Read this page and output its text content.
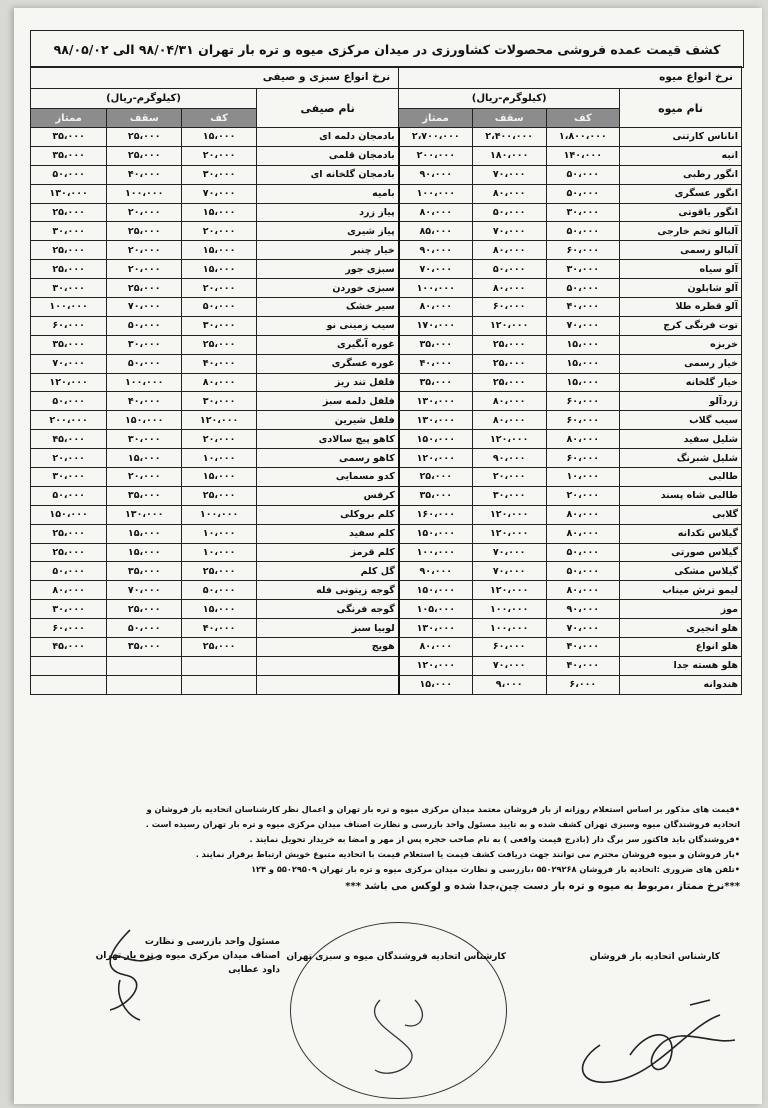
کشف قیمت عمده فروشی محصولات کشاورزی در میدان مرکزی میوه و تره بار تهران ۹۸/۰۴/۳۱ الی ۹۸/۰۵/۰۲
نرخ انواع میوه				نرخ انواع سبزی و صیفی			
نام میوه	(کیلوگرم-ریال)			نام صیفی	(کیلوگرم-ریال)		
	کف	سقف	ممتاز		کف	سقف	ممتاز
اناناس کارتنی	۱،۸۰۰،۰۰۰	۲،۴۰۰،۰۰۰	۲،۷۰۰،۰۰۰	بادمجان دلمه ای	۱۵،۰۰۰	۲۵،۰۰۰	۳۵،۰۰۰
انبه	۱۴۰،۰۰۰	۱۸۰،۰۰۰	۲۰۰،۰۰۰	بادمجان قلمی	۲۰،۰۰۰	۲۵،۰۰۰	۳۵،۰۰۰
انگور رطبی	۵۰،۰۰۰	۷۰،۰۰۰	۹۰،۰۰۰	بادمجان گلخانه ای	۳۰،۰۰۰	۴۰،۰۰۰	۵۰،۰۰۰
انگور عسگری	۵۰،۰۰۰	۸۰،۰۰۰	۱۰۰،۰۰۰	بامیه	۷۰،۰۰۰	۱۰۰،۰۰۰	۱۳۰،۰۰۰
انگور یاقوتی	۳۰،۰۰۰	۵۰،۰۰۰	۸۰،۰۰۰	پیاز زرد	۱۵،۰۰۰	۲۰،۰۰۰	۲۵،۰۰۰
آلبالو تخم خارجی	۵۰،۰۰۰	۷۰،۰۰۰	۸۵،۰۰۰	پیاز شیری	۲۰،۰۰۰	۲۵،۰۰۰	۳۰،۰۰۰
آلبالو رسمی	۶۰،۰۰۰	۸۰،۰۰۰	۹۰،۰۰۰	خیار چنبر	۱۵،۰۰۰	۲۰،۰۰۰	۲۵،۰۰۰
آلو سیاه	۳۰،۰۰۰	۵۰،۰۰۰	۷۰،۰۰۰	سبزی جور	۱۵،۰۰۰	۲۰،۰۰۰	۲۵،۰۰۰
آلو شابلون	۵۰،۰۰۰	۸۰،۰۰۰	۱۰۰،۰۰۰	سبزی خوردن	۲۰،۰۰۰	۲۵،۰۰۰	۳۰،۰۰۰
آلو قطره طلا	۴۰،۰۰۰	۶۰،۰۰۰	۸۰،۰۰۰	سیر خشک	۵۰،۰۰۰	۷۰،۰۰۰	۱۰۰،۰۰۰
توت فرنگی کرج	۷۰،۰۰۰	۱۲۰،۰۰۰	۱۷۰،۰۰۰	سیب زمینی نو	۳۰،۰۰۰	۵۰،۰۰۰	۶۰،۰۰۰
خربزه	۱۵،۰۰۰	۲۵،۰۰۰	۳۵،۰۰۰	غوره آبگیری	۲۵،۰۰۰	۳۰،۰۰۰	۳۵،۰۰۰
خیار رسمی	۱۵،۰۰۰	۲۵،۰۰۰	۴۰،۰۰۰	غوره عسگری	۴۰،۰۰۰	۵۰،۰۰۰	۷۰،۰۰۰
خیار گلخانه	۱۵،۰۰۰	۲۵،۰۰۰	۳۵،۰۰۰	فلفل تند ریز	۸۰،۰۰۰	۱۰۰،۰۰۰	۱۲۰،۰۰۰
زردآلو	۶۰،۰۰۰	۸۰،۰۰۰	۱۳۰،۰۰۰	فلفل دلمه سبز	۳۰،۰۰۰	۴۰،۰۰۰	۵۰،۰۰۰
سیب گلاب	۶۰،۰۰۰	۸۰،۰۰۰	۱۳۰،۰۰۰	فلفل شیرین	۱۲۰،۰۰۰	۱۵۰،۰۰۰	۲۰۰،۰۰۰
شلیل سفید	۸۰،۰۰۰	۱۲۰،۰۰۰	۱۵۰،۰۰۰	کاهو پیچ سالادی	۲۰،۰۰۰	۳۰،۰۰۰	۴۵،۰۰۰
شلیل شبرنگ	۶۰،۰۰۰	۹۰،۰۰۰	۱۲۰،۰۰۰	کاهو رسمی	۱۰،۰۰۰	۱۵،۰۰۰	۲۰،۰۰۰
طالبی	۱۰،۰۰۰	۲۰،۰۰۰	۲۵،۰۰۰	کدو مسمایی	۱۵،۰۰۰	۲۰،۰۰۰	۳۰،۰۰۰
طالبی شاه پسند	۲۰،۰۰۰	۳۰،۰۰۰	۳۵،۰۰۰	کرفس	۲۵،۰۰۰	۳۵،۰۰۰	۵۰،۰۰۰
گلابی	۸۰،۰۰۰	۱۲۰،۰۰۰	۱۶۰،۰۰۰	کلم بروکلی	۱۰۰،۰۰۰	۱۳۰،۰۰۰	۱۵۰،۰۰۰
گیلاس تکدانه	۸۰،۰۰۰	۱۲۰،۰۰۰	۱۵۰،۰۰۰	کلم سفید	۱۰،۰۰۰	۱۵،۰۰۰	۲۵،۰۰۰
گیلاس صورتی	۵۰،۰۰۰	۷۰،۰۰۰	۱۰۰،۰۰۰	کلم قرمز	۱۰،۰۰۰	۱۵،۰۰۰	۲۵،۰۰۰
گیلاس مشکی	۵۰،۰۰۰	۷۰،۰۰۰	۹۰،۰۰۰	گل کلم	۲۵،۰۰۰	۳۵،۰۰۰	۵۰،۰۰۰
لیمو ترش میناب	۸۰،۰۰۰	۱۲۰،۰۰۰	۱۵۰،۰۰۰	گوجه زیتونی فله	۵۰،۰۰۰	۷۰،۰۰۰	۸۰،۰۰۰
موز	۹۰،۰۰۰	۱۰۰،۰۰۰	۱۰۵،۰۰۰	گوجه فرنگی	۱۵،۰۰۰	۲۵،۰۰۰	۳۰،۰۰۰
هلو انجیری	۷۰،۰۰۰	۱۰۰،۰۰۰	۱۳۰،۰۰۰	لوبیا سبز	۴۰،۰۰۰	۵۰،۰۰۰	۶۰،۰۰۰
هلو انواع	۴۰،۰۰۰	۶۰،۰۰۰	۸۰،۰۰۰	هویج	۲۵،۰۰۰	۳۵،۰۰۰	۴۵،۰۰۰
هلو هسته جدا	۴۰،۰۰۰	۷۰،۰۰۰	۱۲۰،۰۰۰				
هندوانه	۶،۰۰۰	۹،۰۰۰	۱۵،۰۰۰				

•قیمت های مذکور بر اساس استعلام روزانه از بار فروشان معتمد میدان مرکزی میوه و تره بار تهران و اعمال نظر کارشناسان اتحادیه بار فروشان و

اتحادیه فروشندگان میوه وسبزی تهران کشف شده و به تایید مسئول واحد بازرسی و نظارت اصناف میدان مرکزی میوه و تره بار تهران رسیده است .

•فروشندگان باید فاکتور سر برگ دار (بادرج قیمت واقعی ) به نام صاحب حجره پس از مهر و امضا به خریدار تحویل نمایند .

•بار فروشان و میوه فروشان محترم می توانند جهت دریافت کشف قیمت یا استعلام قیمت با اتحادیه متبوع خویش ارتباط برقرار نمایند .

•تلفن های ضروری :اتحادیه بار فروشان ۵۵۰۲۹۲۶۸ ،بازرسی و نظارت میدان مرکزی میوه و تره بار تهران ۵۵۰۲۹۵۰۹ و ۱۲۴

***نرخ ممتاز ،مربوط به میوه و تره بار دست چین،جدا شده و لوکس می باشد ***

کارشناس اتحادیه بار فروشان
کارشناس اتحادیه فروشندگان میوه و سبزی تهران
مسئول واحد بازرسی و نظارت
اصناف میدان مرکزی میوه و تره بار تهران
داود عطایی
